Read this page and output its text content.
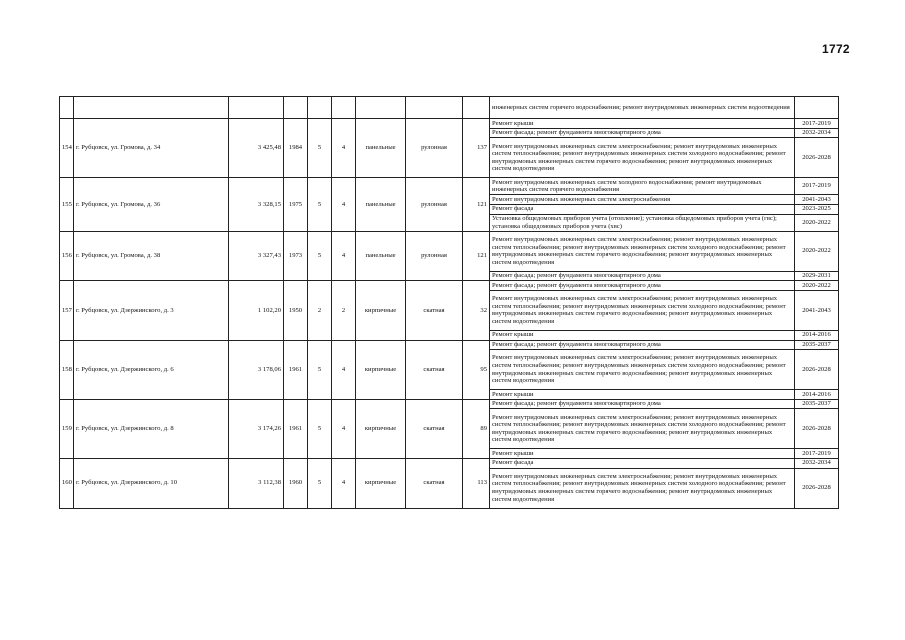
1772
									инженерных систем горячего водоснабжения; ремонт внутридомовых инженерных систем водоотведения	
154	г. Рубцовск, ул. Громова, д. 34	3 425,48	1984	5	4	панельные	рулонная	137	Ремонт крыши	2017-2019
									Ремонт фасада; ремонт фундамента многоквартирного дома	2032-2034
									Ремонт внутридомовых инженерных систем электроснабжения; ремонт внутридомовых инженерных систем теплоснабжения; ремонт внутридомовых инженерных систем холодного водоснабжения; ремонт внутридомовых инженерных систем горячего водоснабжения; ремонт внутридомовых инженерных систем водоотведения	2026-2028
155	г. Рубцовск, ул. Громова, д. 36	3 328,15	1975	5	4	панельные	рулонная	121	Ремонт внутридомовых инженерных систем холодного водоснабжения; ремонт внутридомовых инженерных систем горячего водоснабжения	2017-2019
									Ремонт внутридомовых инженерных систем электроснабжения	2041-2043
									Ремонт фасада	2023-2025
									Установка общедомовых приборов учета (отопление); установка общедомовых приборов учета (гвс); установка общедомовых приборов учета (хвс)	2020-2022
156	г. Рубцовск, ул. Громова, д. 38	3 327,43	1973	5	4	панельные	рулонная	121	Ремонт внутридомовых инженерных систем электроснабжения; ремонт внутридомовых инженерных систем теплоснабжения; ремонт внутридомовых инженерных систем холодного водоснабжения; ремонт внутридомовых инженерных систем горячего водоснабжения; ремонт внутридомовых инженерных систем водоотведения	2020-2022
									Ремонт фасада; ремонт фундамента многоквартирного дома	2029-2031
157	г. Рубцовск, ул. Дзержинского, д. 3	1 102,20	1950	2	2	кирпичные	скатная	32	Ремонт фасада; ремонт фундамента многоквартирного дома	2020-2022
									Ремонт внутридомовых инженерных систем электроснабжения; ремонт внутридомовых инженерных систем теплоснабжения; ремонт внутридомовых инженерных систем холодного водоснабжения; ремонт внутридомовых инженерных систем горячего водоснабжения; ремонт внутридомовых инженерных систем водоотведения	2041-2043
									Ремонт крыши	2014-2016
158	г. Рубцовск, ул. Дзержинского, д. 6	3 178,06	1961	5	4	кирпичные	скатная	95	Ремонт фасада; ремонт фундамента многоквартирного дома	2035-2037
									Ремонт внутридомовых инженерных систем электроснабжения; ремонт внутридомовых инженерных систем теплоснабжения; ремонт внутридомовых инженерных систем холодного водоснабжения; ремонт внутридомовых инженерных систем горячего водоснабжения; ремонт внутридомовых инженерных систем водоотведения	2026-2028
									Ремонт крыши	2014-2016
159	г. Рубцовск, ул. Дзержинского, д. 8	3 174,26	1961	5	4	кирпичные	скатная	89	Ремонт фасада; ремонт фундамента многоквартирного дома	2035-2037
									Ремонт внутридомовых инженерных систем электроснабжения; ремонт внутридомовых инженерных систем теплоснабжения; ремонт внутридомовых инженерных систем холодного водоснабжения; ремонт внутридомовых инженерных систем горячего водоснабжения; ремонт внутридомовых инженерных систем водоотведения	2026-2028
									Ремонт крыши	2017-2019
160	г. Рубцовск, ул. Дзержинского, д. 10	3 112,38	1960	5	4	кирпичные	скатная	113	Ремонт фасада	2032-2034
									Ремонт внутридомовых инженерных систем электроснабжения; ремонт внутридомовых инженерных систем теплоснабжения; ремонт внутридомовых инженерных систем холодного водоснабжения; ремонт внутридомовых инженерных систем горячего водоснабжения; ремонт внутридомовых инженерных систем водоотведения	2026-2028
